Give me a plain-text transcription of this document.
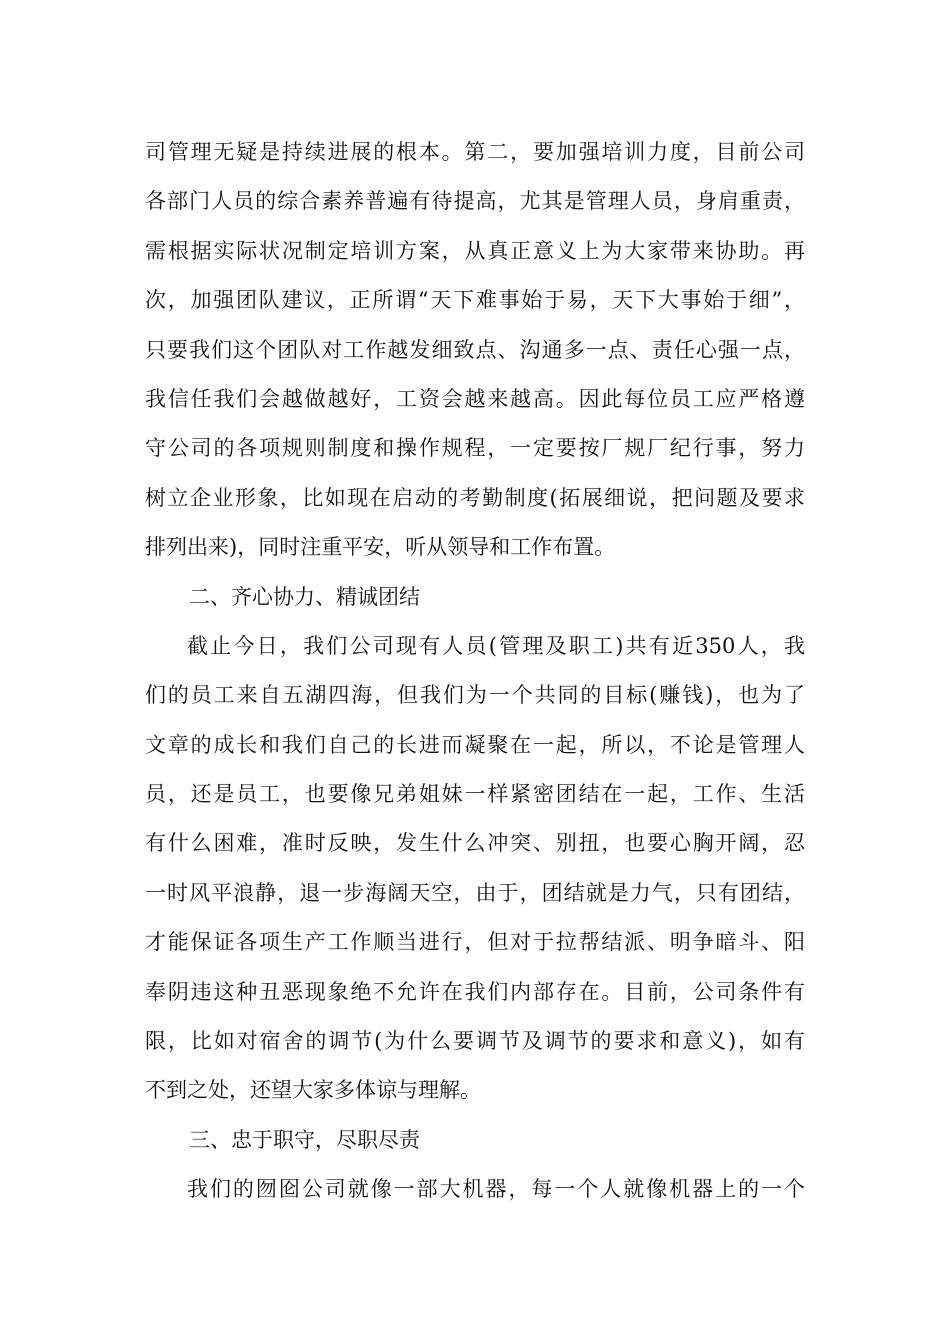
司管理无疑是持续进展的根本。第二，要加强培训力度，目前公司
各部门人员的综合素养普遍有待提高，尤其是管理人员，身肩重责，
需根据实际状况制定培训方案，从真正意义上为大家带来协助。再
次，加强团队建议，正所谓“天下难事始于易，天下大事始于细”，
只要我们这个团队对工作越发细致点、沟通多一点、责任心强一点，
我信任我们会越做越好，工资会越来越高。因此每位员工应严格遵
守公司的各项规则制度和操作规程，一定要按厂规厂纪行事，努力
树立企业形象，比如现在启动的考勤制度(拓展细说，把问题及要求
排列出来)，同时注重平安，听从领导和工作布置。
二、齐心协力、精诚团结
截止今日，我们公司现有人员(管理及职工)共有近350人，我
们的员工来自五湖四海，但我们为一个共同的目标(赚钱)，也为了
文章的成长和我们自己的长进而凝聚在一起，所以，不论是管理人
员，还是员工，也要像兄弟姐妹一样紧密团结在一起，工作、生活
有什么困难，准时反映，发生什么冲突、别扭，也要心胸开阔，忍
一时风平浪静，退一步海阔天空，由于，团结就是力气，只有团结，
才能保证各项生产工作顺当进行，但对于拉帮结派、明争暗斗、阳
奉阴违这种丑恶现象绝不允许在我们内部存在。目前，公司条件有
限，比如对宿舍的调节(为什么要调节及调节的要求和意义)，如有
不到之处，还望大家多体谅与理解。
三、忠于职守，尽职尽责
我们的囫囵公司就像一部大机器，每一个人就像机器上的一个
